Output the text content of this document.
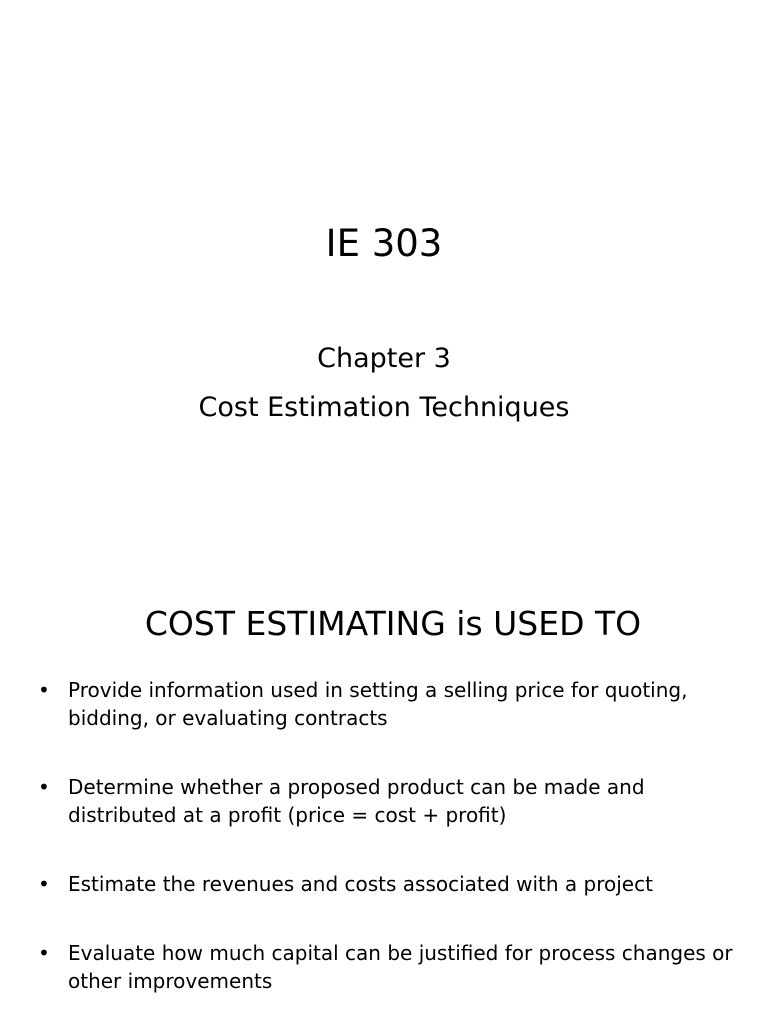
IE 303
Chapter 3
Cost Estimation Techniques
COST ESTIMATING is USED TO
• Provide information used in setting a selling price for quoting, bidding, or evaluating contracts
• Determine whether a proposed product can be made and distributed at a profit (price = cost + profit)
• Estimate the revenues and costs associated with a project
• Evaluate how much capital can be justified for process changes or other improvements
